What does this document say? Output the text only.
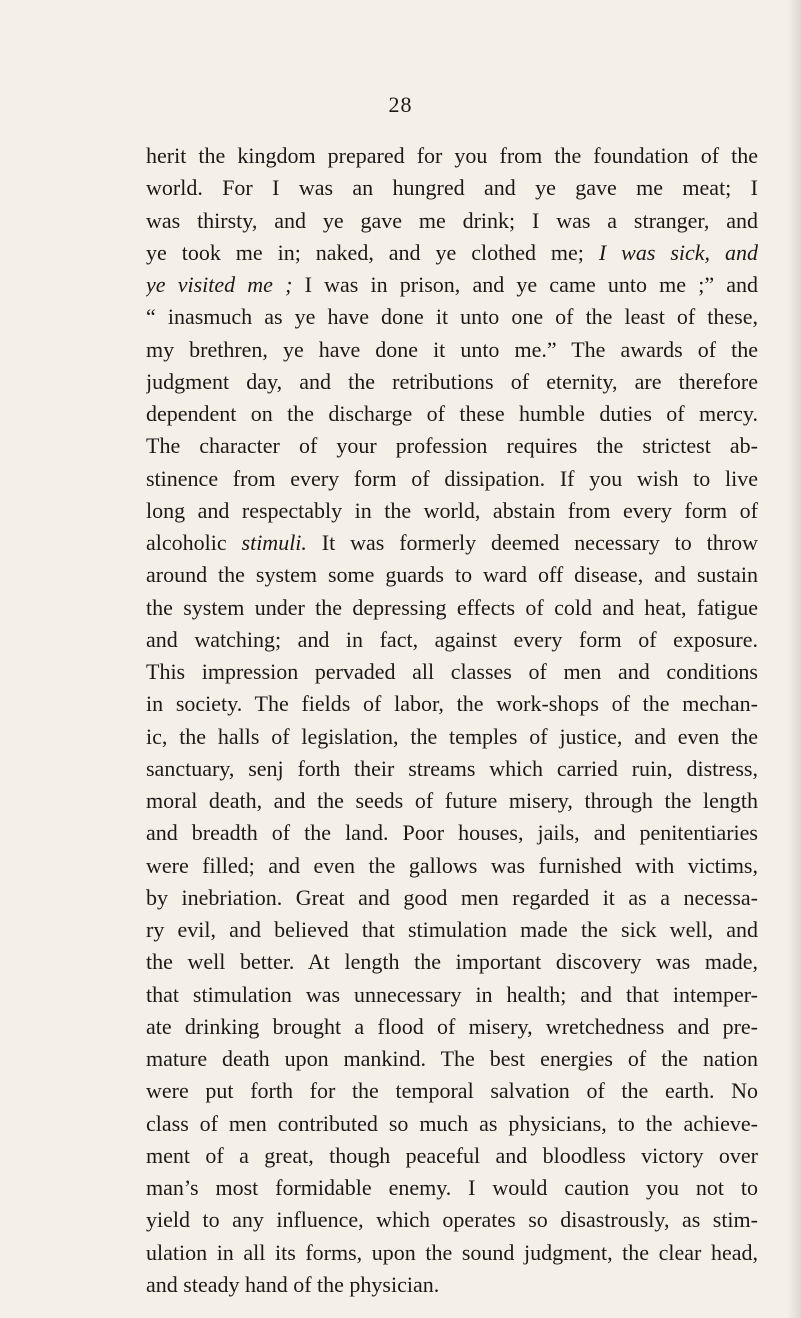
28
herit the kingdom prepared for you from the foundation of the
world. For I was an hungred and ye gave me meat; I
was thirsty, and ye gave me drink; I was a stranger, and
ye took me in; naked, and ye clothed me; I was sick, and
ye visited me ; I was in prison, and ye came unto me ;” and
“ inasmuch as ye have done it unto one of the least of these,
my brethren, ye have done it unto me.” The awards of the
judgment day, and the retributions of eternity, are therefore
dependent on the discharge of these humble duties of mercy.
The character of your profession requires the strictest ab-
stinence from every form of dissipation. If you wish to live
long and respectably in the world, abstain from every form of
alcoholic stimuli. It was formerly deemed necessary to throw
around the system some guards to ward off disease, and sustain
the system under the depressing effects of cold and heat, fatigue
and watching; and in fact, against every form of exposure.
This impression pervaded all classes of men and conditions
in society. The fields of labor, the work-shops of the mechan-
ic, the halls of legislation, the temples of justice, and even the
sanctuary, senj forth their streams which carried ruin, distress,
moral death, and the seeds of future misery, through the length
and breadth of the land. Poor houses, jails, and penitentiaries
were filled; and even the gallows was furnished with victims,
by inebriation. Great and good men regarded it as a necessa-
ry evil, and believed that stimulation made the sick well, and
the well better. At length the important discovery was made,
that stimulation was unnecessary in health; and that intemper-
ate drinking brought a flood of misery, wretchedness and pre-
mature death upon mankind. The best energies of the nation
were put forth for the temporal salvation of the earth. No
class of men contributed so much as physicians, to the achieve-
ment of a great, though peaceful and bloodless victory over
man’s most formidable enemy. I would caution you not to
yield to any influence, which operates so disastrously, as stim-
ulation in all its forms, upon the sound judgment, the clear head,
and steady hand of the physician.
